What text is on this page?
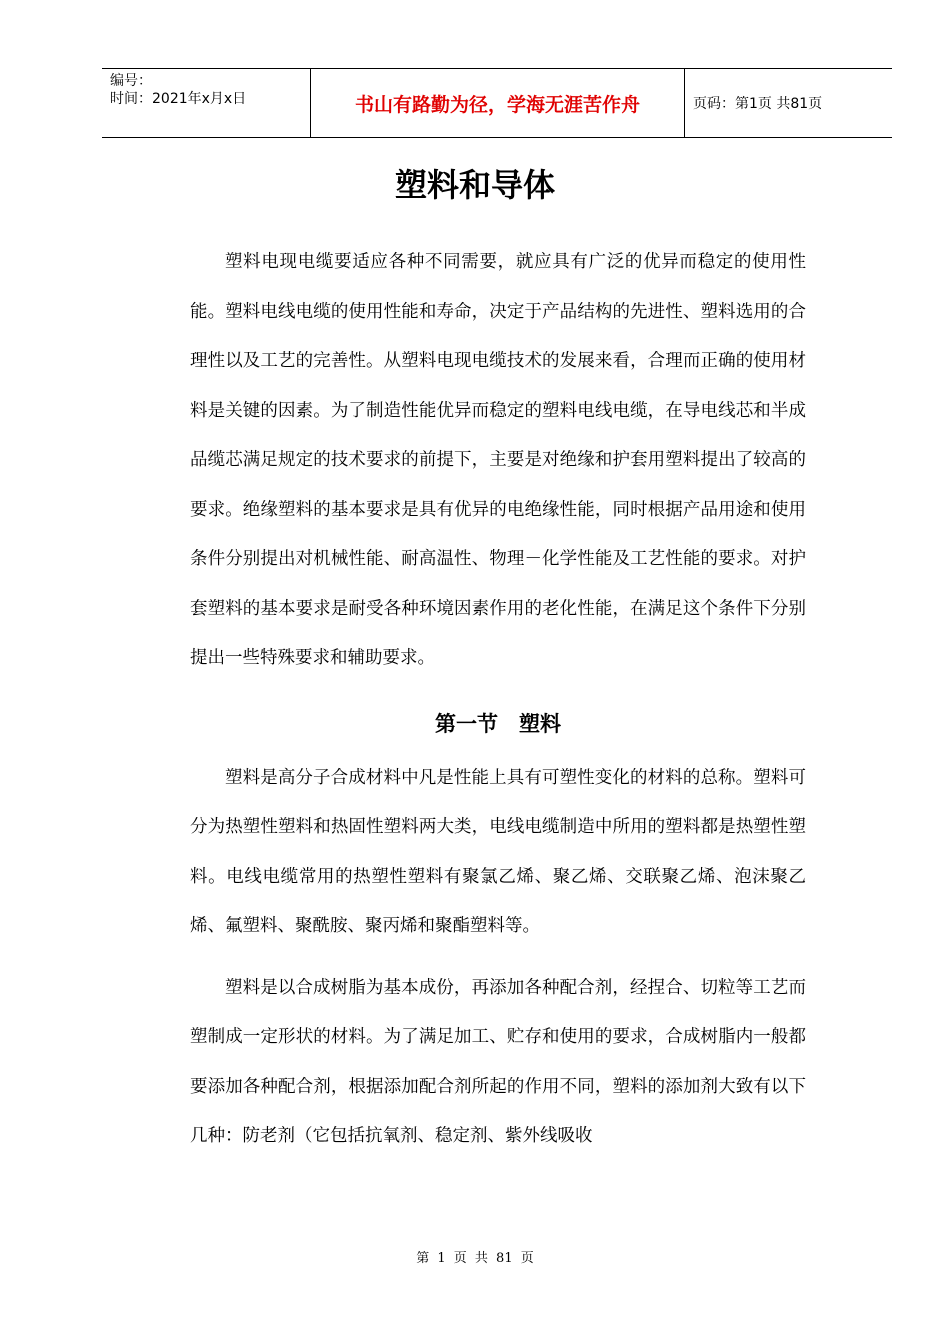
编号：
时间：2021年x月x日	书山有路勤为径，学海无涯苦作舟	页码：第1页 共81页
塑料和导体

塑料电现电缆要适应各种不同需要，就应具有广泛的优异而稳定的使用性能。塑料电线电缆的使用性能和寿命，决定于产品结构的先进性、塑料选用的合理性以及工艺的完善性。从塑料电现电缆技术的发展来看，合理而正确的使用材料是关键的因素。为了制造性能优异而稳定的塑料电线电缆，在导电线芯和半成品缆芯满足规定的技术要求的前提下，主要是对绝缘和护套用塑料提出了较高的要求。绝缘塑料的基本要求是具有优异的电绝缘性能，同时根据产品用途和使用条件分别提出对机械性能、耐高温性、物理－化学性能及工艺性能的要求。对护套塑料的基本要求是耐受各种环境因素作用的老化性能，在满足这个条件下分别提出一些特殊要求和辅助要求。

第一节　塑料

塑料是高分子合成材料中凡是性能上具有可塑性变化的材料的总称。塑料可分为热塑性塑料和热固性塑料两大类，电线电缆制造中所用的塑料都是热塑性塑料。电线电缆常用的热塑性塑料有聚氯乙烯、聚乙烯、交联聚乙烯、泡沫聚乙烯、氟塑料、聚酰胺、聚丙烯和聚酯塑料等。

塑料是以合成树脂为基本成份，再添加各种配合剂，经捏合、切粒等工艺而塑制成一定形状的材料。为了满足加工、贮存和使用的要求，合成树脂内一般都要添加各种配合剂，根据添加配合剂所起的作用不同，塑料的添加剂大致有以下几种：防老剂（它包括抗氧剂、稳定剂、紫外线吸收

第 1 页 共 81 页
